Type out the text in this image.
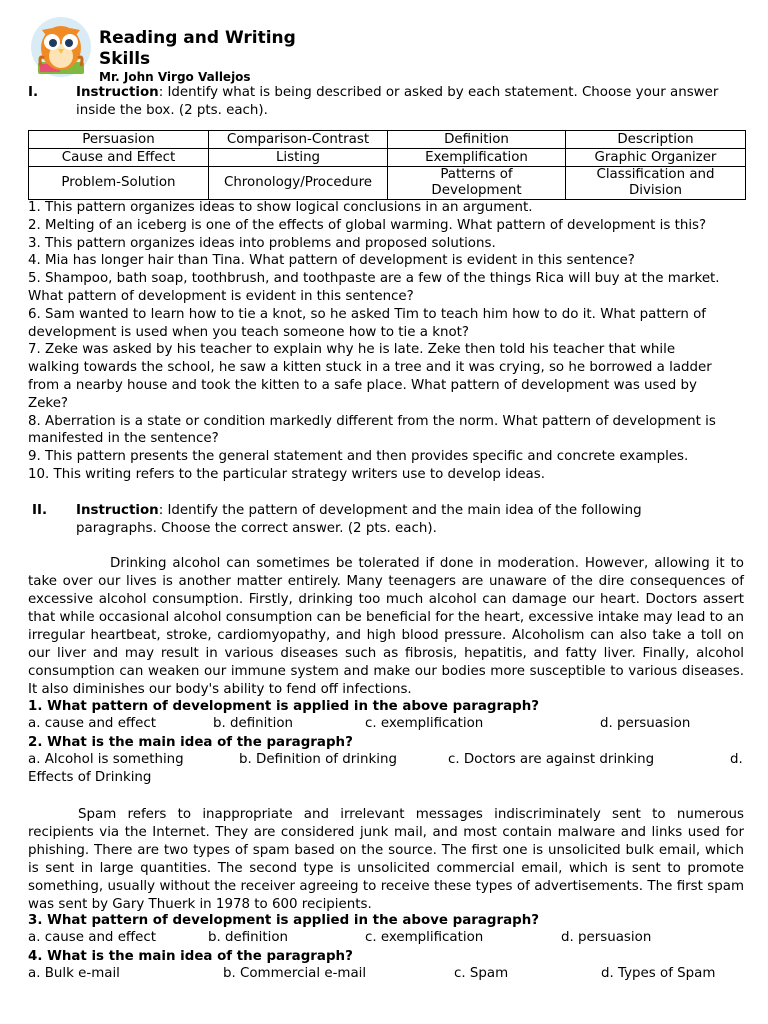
Reading and Writing
Skills
Mr. John Virgo Vallejos
I.	Instruction: Identify what is being described or asked by each statement. Choose your answer
inside the box. (2 pts. each).
Persuasion	Comparison-Contrast	Definition	Description
Cause and Effect	Listing	Exemplification	Graphic Organizer
Problem-Solution	Chronology/Procedure	Patterns of Development	Classification and Division
1. This pattern organizes ideas to show logical conclusions in an argument.
2. Melting of an iceberg is one of the effects of global warming. What pattern of development is this?
3. This pattern organizes ideas into problems and proposed solutions.
4. Mia has longer hair than Tina. What pattern of development is evident in this sentence?
5. Shampoo, bath soap, toothbrush, and toothpaste are a few of the things Rica will buy at the market.
What pattern of development is evident in this sentence?
6. Sam wanted to learn how to tie a knot, so he asked Tim to teach him how to do it. What pattern of
development is used when you teach someone how to tie a knot?
7. Zeke was asked by his teacher to explain why he is late. Zeke then told his teacher that while
walking towards the school, he saw a kitten stuck in a tree and it was crying, so he borrowed a ladder
from a nearby house and took the kitten to a safe place. What pattern of development was used by
Zeke?
8. Aberration is a state or condition markedly different from the norm. What pattern of development is
manifested in the sentence?
9. This pattern presents the general statement and then provides specific and concrete examples.
10. This writing refers to the particular strategy writers use to develop ideas.
II. Instruction: Identify the pattern of development and the main idea of the following
paragraphs. Choose the correct answer. (2 pts. each).
Drinking alcohol can sometimes be tolerated if done in moderation. However, allowing it to take over our lives is another matter entirely. Many teenagers are unaware of the dire consequences of excessive alcohol consumption. Firstly, drinking too much alcohol can damage our heart. Doctors assert that while occasional alcohol consumption can be beneficial for the heart, excessive intake may lead to an irregular heartbeat, stroke, cardiomyopathy, and high blood pressure. Alcoholism can also take a toll on our liver and may result in various diseases such as fibrosis, hepatitis, and fatty liver. Finally, alcohol consumption can weaken our immune system and make our bodies more susceptible to various diseases. It also diminishes our body's ability to fend off infections.
1. What pattern of development is applied in the above paragraph?
a. cause and effect	b. definition	c. exemplification	d. persuasion
2. What is the main idea of the paragraph?
a. Alcohol is something	b. Definition of drinking	c. Doctors are against drinking	d.
Effects of Drinking
Spam refers to inappropriate and irrelevant messages indiscriminately sent to numerous recipients via the Internet. They are considered junk mail, and most contain malware and links used for phishing. There are two types of spam based on the source. The first one is unsolicited bulk email, which is sent in large quantities. The second type is unsolicited commercial email, which is sent to promote something, usually without the receiver agreeing to receive these types of advertisements. The first spam was sent by Gary Thuerk in 1978 to 600 recipients.
3. What pattern of development is applied in the above paragraph?
a. cause and effect	b. definition	c. exemplification	d. persuasion
4. What is the main idea of the paragraph?
a. Bulk e-mail	b. Commercial e-mail	c. Spam	d. Types of Spam
